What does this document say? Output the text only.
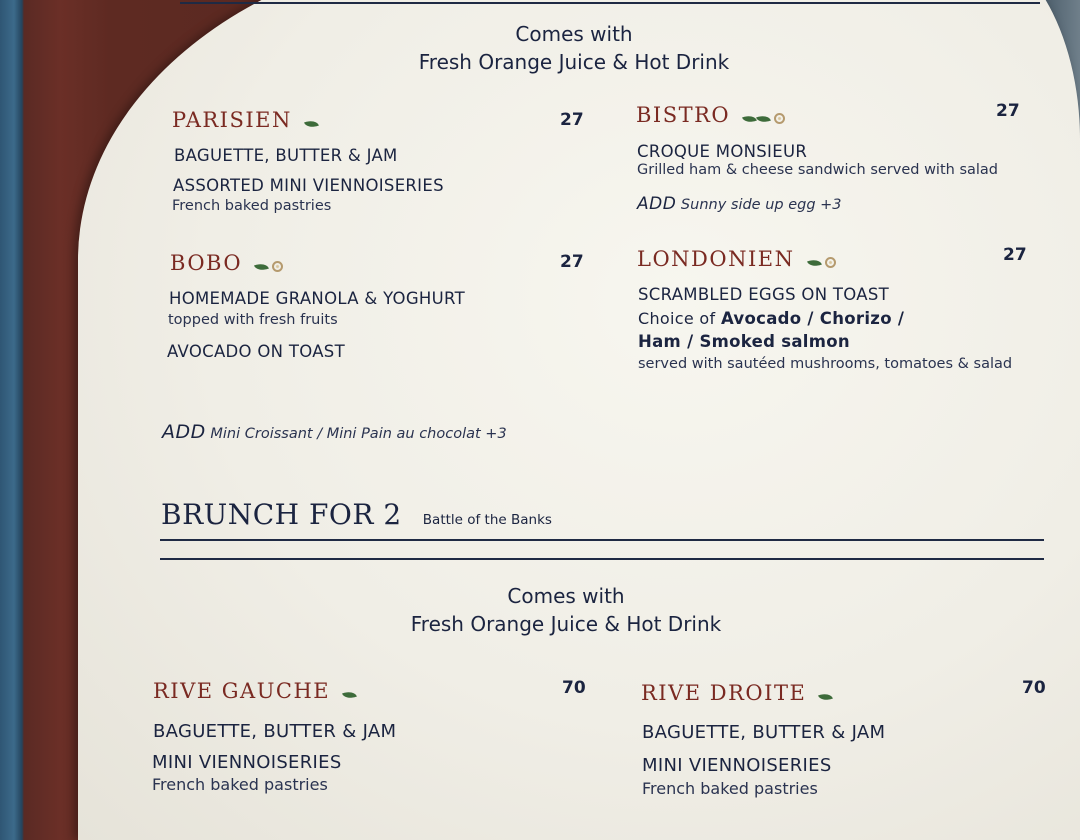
Comes with
Fresh Orange Juice & Hot Drink
PARISIEN	27
BAGUETTE, BUTTER & JAM
ASSORTED MINI VIENNOISERIES
French baked pastries
BISTRO	27
CROQUE MONSIEUR
Grilled ham & cheese sandwich served with salad
ADD Sunny side up egg +3
BOBO	27
HOMEMADE GRANOLA & YOGHURT
topped with fresh fruits
AVOCADO ON TOAST
LONDONIEN	27
SCRAMBLED EGGS ON TOAST
Choice of Avocado / Chorizo /
Ham / Smoked salmon
served with sautéed mushrooms, tomatoes & salad
ADD Mini Croissant / Mini Pain au chocolat +3
BRUNCH FOR 2 Battle of the Banks
Comes with
Fresh Orange Juice & Hot Drink
RIVE GAUCHE	70
BAGUETTE, BUTTER & JAM
MINI VIENNOISERIES
French baked pastries
RIVE DROITE	70
BAGUETTE, BUTTER & JAM
MINI VIENNOISERIES
French baked pastries
